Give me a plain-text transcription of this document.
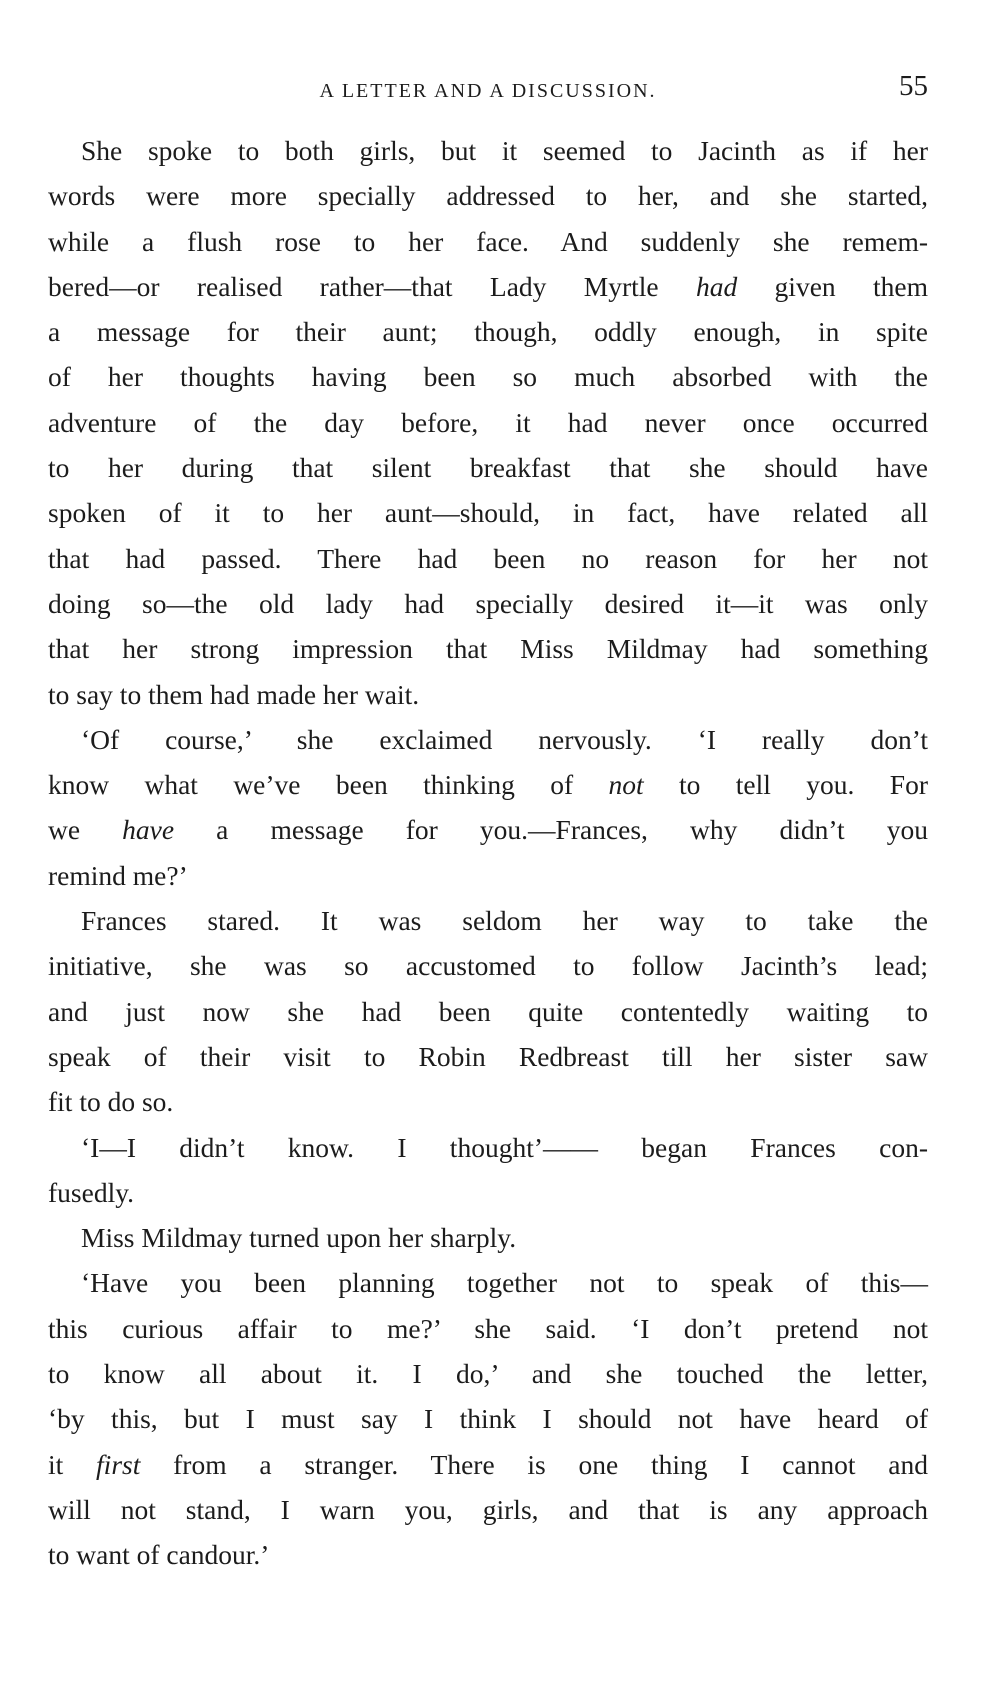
A LETTER AND A DISCUSSION.	55
She spoke to both girls, but it seemed to Jacinth as if her
words were more specially addressed to her, and she started,
while a flush rose to her face. And suddenly she remem-
bered—or realised rather—that Lady Myrtle had given them
a message for their aunt; though, oddly enough, in spite
of her thoughts having been so much absorbed with the
adventure of the day before, it had never once occurred
to her during that silent breakfast that she should have
spoken of it to her aunt—should, in fact, have related all
that had passed. There had been no reason for her not
doing so—the old lady had specially desired it—it was only
that her strong impression that Miss Mildmay had something
to say to them had made her wait.
‘Of course,’ she exclaimed nervously. ‘I really don’t
know what we’ve been thinking of not to tell you. For
we have a message for you.—Frances, why didn’t you
remind me?’
Frances stared. It was seldom her way to take the
initiative, she was so accustomed to follow Jacinth’s lead;
and just now she had been quite contentedly waiting to
speak of their visit to Robin Redbreast till her sister saw
fit to do so.
‘I—I didn’t know. I thought’—— began Frances con-
fusedly.
Miss Mildmay turned upon her sharply.
‘Have you been planning together not to speak of this—
this curious affair to me?’ she said. ‘I don’t pretend not
to know all about it. I do,’ and she touched the letter,
‘by this, but I must say I think I should not have heard of
it first from a stranger. There is one thing I cannot and
will not stand, I warn you, girls, and that is any approach
to want of candour.’
